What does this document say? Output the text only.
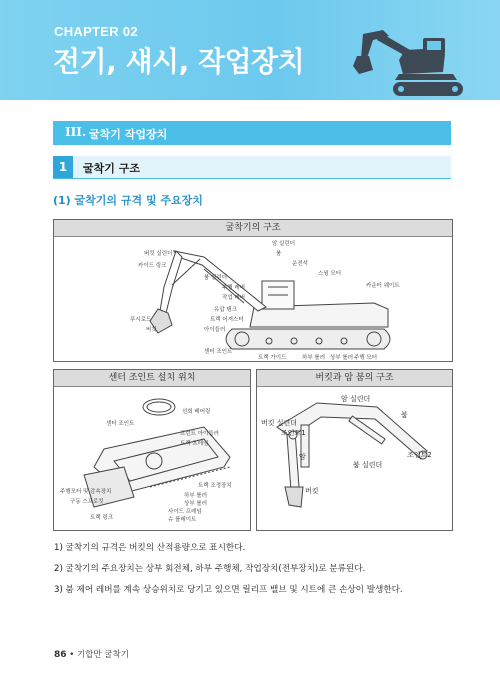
CHAPTER 02
전기, 섀시, 작업장치
III. 굴착기 작업장치
1	굴착기 구조
(1) 굴착기의 규격 및 주요장치
굴착기의 구조
암 실린더
붐
운전석
버킷 실린더
카이드 링크
붐 실린더
주행 레버
작업 레버
스윙 모터
카운터 웨이트
유압 탱크
트랙 어져스터
아이들러
푸시로드
버킷
센터 조인트
트랙 가이드	하부 롤러 상부 롤러 주행 모터
센터 조인트 설치 위치
선회 베어링
센터 조인트
프런트 아이들러
트랙 프레임
트랙 조정장치
하부 롤러
상부 롤러
주행모터 및 감속장치
구동 스프로킷
트랙 링크
사이드 프레임
슈 플레이트
버킷과 암 붐의 구조
암 실린더
붐
버킷 실린더
조인트1
암
붐 실린더
조인트2
버킷

1) 굴착기의 규격은 버킷의 산적용량으로 표시한다.

2) 굴착기의 주요장치는 상부 회전체, 하부 주행체, 작업장치(전부장치)로 분류된다.

3) 붐 제어 레버를 계속 상승위치로 당기고 있으면 릴리프 밸브 및 시트에 큰 손상이 발생한다.

86 • 기합만 굴착기
